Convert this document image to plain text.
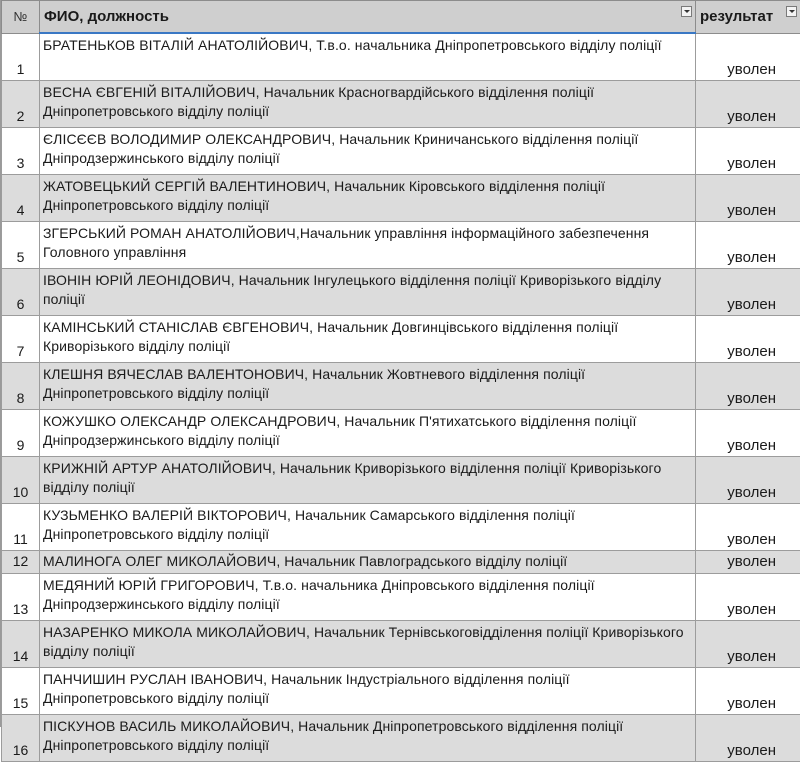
№	ФИО, должность	результат

1	БРАТЕНЬКОВ ВІТАЛІЙ АНАТОЛІЙОВИЧ, Т.в.о. начальника Дніпропетровського відділу поліції	уволен
2	ВЕСНА ЄВГЕНІЙ ВІТАЛІЙОВИЧ, Начальник Красногвардійського відділення поліції Дніпропетровського відділу поліції	уволен
3	ЄЛІСЄЄВ ВОЛОДИМИР ОЛЕКСАНДРОВИЧ, Начальник Криничанського відділення поліції Дніпродзержинського відділу поліції	уволен
4	ЖАТОВЕЦЬКИЙ СЕРГІЙ ВАЛЕНТИНОВИЧ, Начальник Кіровського відділення поліції Дніпропетровського відділу поліції	уволен
5	ЗГЕРСЬКИЙ РОМАН АНАТОЛІЙОВИЧ,Начальник управління інформаційного забезпечення Головного управління	уволен
6	ІВОНІН ЮРІЙ ЛЕОНІДОВИЧ, Начальник Інгулецького відділення поліції Криворізького відділу поліції	уволен
7	КАМІНСЬКИЙ СТАНІСЛАВ ЄВГЕНОВИЧ, Начальник Довгинцівського відділення поліції Криворізького відділу поліції	уволен
8	КЛЕШНЯ ВЯЧЕСЛАВ ВАЛЕНТОНОВИЧ, Начальник Жовтневого відділення поліції Дніпропетровського відділу поліції	уволен
9	КОЖУШКО ОЛЕКСАНДР ОЛЕКСАНДРОВИЧ, Начальник П'ятихатського відділення поліції Дніпродзержинського відділу поліції	уволен
10	КРИЖНІЙ АРТУР АНАТОЛІЙОВИЧ, Начальник Криворізького відділення поліції Криворізького відділу поліції	уволен
11	КУЗЬМЕНКО ВАЛЕРІЙ ВІКТОРОВИЧ, Начальник Самарського відділення поліції Дніпропетровського відділу поліції	уволен
12	МАЛИНОГА ОЛЕГ МИКОЛАЙОВИЧ, Начальник Павлоградського відділу поліції	уволен
13	МЕДЯНИЙ ЮРІЙ ГРИГОРОВИЧ, Т.в.о. начальника Дніпровського відділення поліції Дніпродзержинського відділу поліції	уволен
14	НАЗАРЕНКО МИКОЛА МИКОЛАЙОВИЧ, Начальник Тернівськоговідділення поліції Криворізького відділу поліції	уволен
15	ПАНЧИШИН РУСЛАН ІВАНОВИЧ, Начальник Індустріального відділення поліції Дніпропетровського відділу поліції	уволен
16	ПІСКУНОВ ВАСИЛЬ МИКОЛАЙОВИЧ, Начальник Дніпропетровського відділення поліції Дніпропетровського відділу поліції	уволен
